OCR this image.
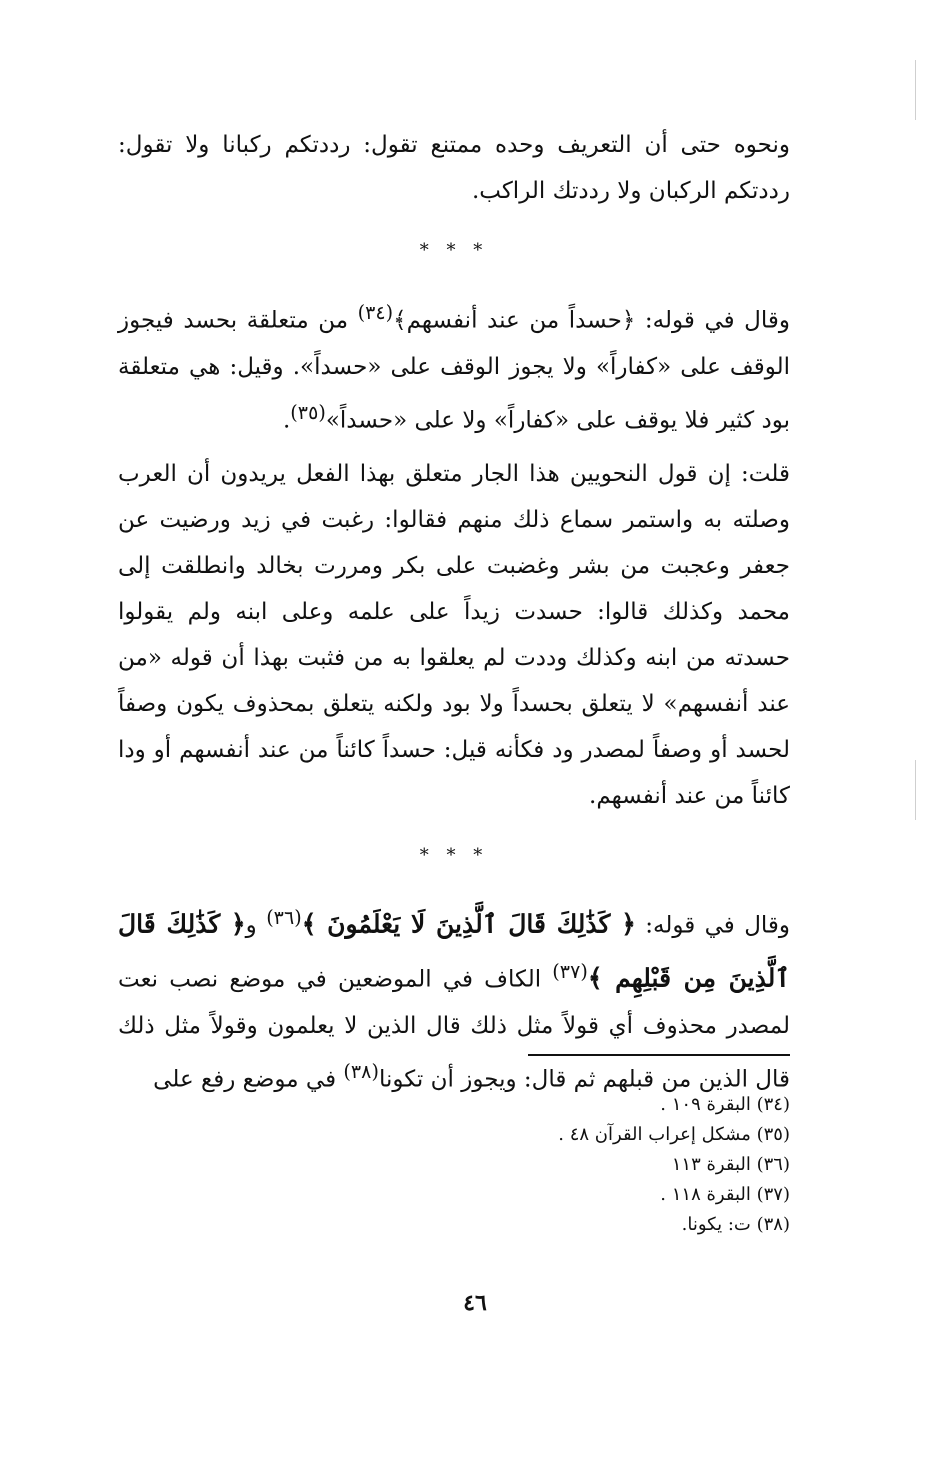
ونحوه حتى أن التعريف وحده ممتنع تقول: رددتكم ركبانا ولا تقول: رددتكم الركبان ولا رددتك الراكب.

* * *

وقال في قوله: ﴿حسداً من عند أنفسهم﴾$^{(٣٤)}$ من متعلقة بحسد فيجوز الوقف على «كفاراً» ولا يجوز الوقف على «حسداً». وقيل: هي متعلقة بود كثير فلا يوقف على «كفاراً» ولا على «حسداً»$^{(٣٥)}$.

قلت: إن قول النحويين هذا الجار متعلق بهذا الفعل يريدون أن العرب وصلته به واستمر سماع ذلك منهم فقالوا: رغبت في زيد ورضيت عن جعفر وعجبت من بشر وغضبت على بكر ومررت بخالد وانطلقت إلى محمد وكذلك قالوا: حسدت زيداً على علمه وعلى ابنه ولم يقولوا حسدته من ابنه وكذلك وددت لم يعلقوا به من فثبت بهذا أن قوله «من عند أنفسهم» لا يتعلق بحسداً ولا بود ولكنه يتعلق بمحذوف يكون وصفاً لحسد أو وصفاً لمصدر ود فكأنه قيل: حسداً كائناً من عند أنفسهم أو ودا كائناً من عند أنفسهم.

* * *

وقال في قوله: ﴿ كَذَٰلِكَ قَالَ ٱلَّذِينَ لَا يَعْلَمُونَ ﴾$^{(٣٦)}$ و﴿ كَذَٰلِكَ قَالَ ٱلَّذِينَ مِن قَبْلِهِم ﴾$^{(٣٧)}$ الكاف في الموضعين في موضع نصب نعت لمصدر محذوف أي قولاً مثل ذلك قال الذين لا يعلمون وقولاً مثل ذلك قال الذين من قبلهم ثم قال: ويجوز أن تكونا$^{(٣٨)}$ في موضع رفع على

(٣٤) البقرة ١٠٩ .
(٣٥) مشكل إعراب القرآن ٤٨ .
(٣٦) البقرة ١١٣
(٣٧) البقرة ١١٨ .
(٣٨) ت: يكونا.
٤٦
